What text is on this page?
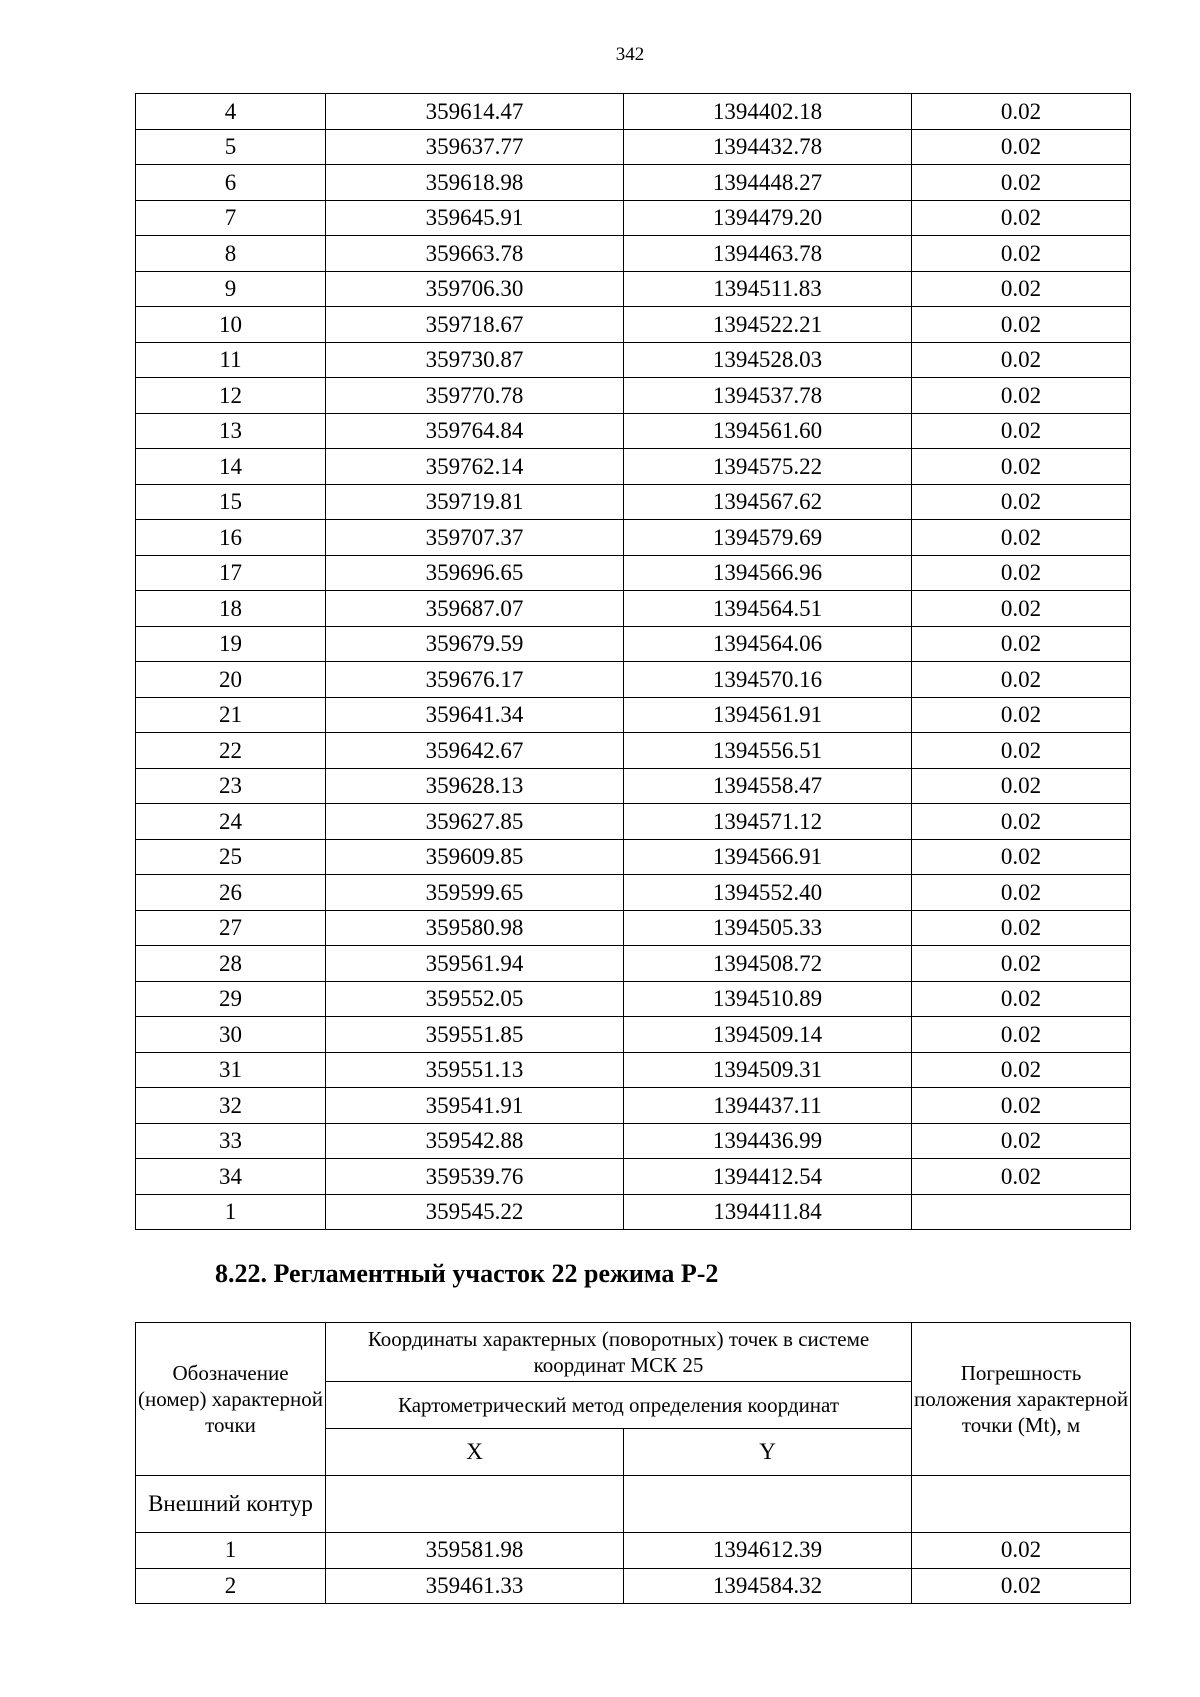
342
4	359614.47	1394402.18	0.02
5	359637.77	1394432.78	0.02
6	359618.98	1394448.27	0.02
7	359645.91	1394479.20	0.02
8	359663.78	1394463.78	0.02
9	359706.30	1394511.83	0.02
10	359718.67	1394522.21	0.02
11	359730.87	1394528.03	0.02
12	359770.78	1394537.78	0.02
13	359764.84	1394561.60	0.02
14	359762.14	1394575.22	0.02
15	359719.81	1394567.62	0.02
16	359707.37	1394579.69	0.02
17	359696.65	1394566.96	0.02
18	359687.07	1394564.51	0.02
19	359679.59	1394564.06	0.02
20	359676.17	1394570.16	0.02
21	359641.34	1394561.91	0.02
22	359642.67	1394556.51	0.02
23	359628.13	1394558.47	0.02
24	359627.85	1394571.12	0.02
25	359609.85	1394566.91	0.02
26	359599.65	1394552.40	0.02
27	359580.98	1394505.33	0.02
28	359561.94	1394508.72	0.02
29	359552.05	1394510.89	0.02
30	359551.85	1394509.14	0.02
31	359551.13	1394509.31	0.02
32	359541.91	1394437.11	0.02
33	359542.88	1394436.99	0.02
34	359539.76	1394412.54	0.02
1	359545.22	1394411.84	
8.22. Регламентный участок 22 режима Р-2
Обозначение (номер) характерной точки	Координаты характерных (поворотных) точек в системе координат МСК 25		Погрешность положения характерной точки (Mt), м
	Картометрический метод определения координат		
	X	Y	
Внешний контур			
1	359581.98	1394612.39	0.02
2	359461.33	1394584.32	0.02
